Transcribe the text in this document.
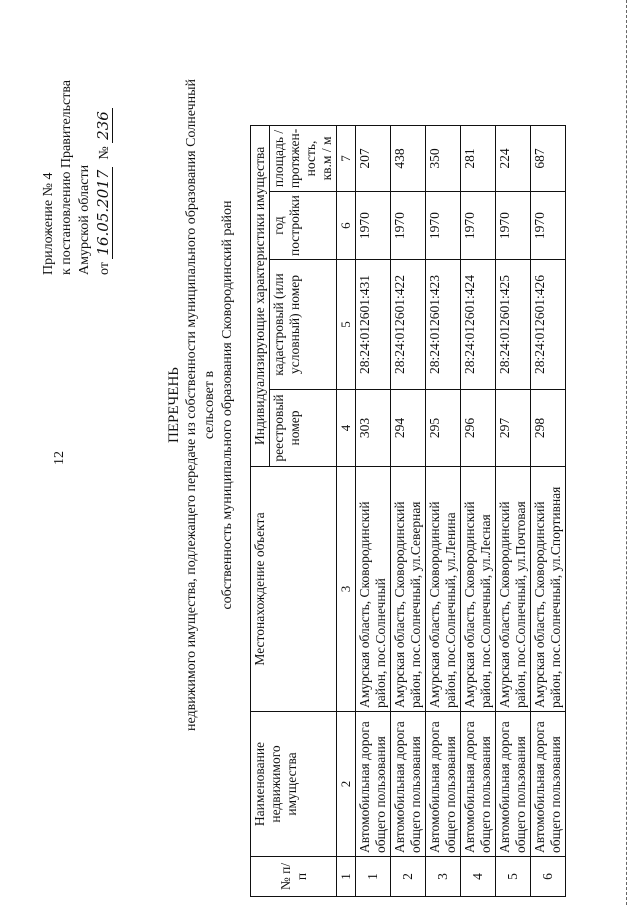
12
Приложение № 4 к постановлению Правительства Амурской области от 16.05.2017  № 236
ПЕРЕЧЕНЬ недвижимого имущества, подлежащего передаче из собственности муниципального образования Солнечный сельсовет в собственность муниципального образования Сковородинский район
№ п/п	Наименование недвижимого имущества	Местонахождение объекта	Индивидуализирующие характеристики имущества			
			реестровый номер	кадастровый (или условный) номер	год постройки	площадь / протяжен-ность, кв.м / м
1	2	3	4	5	6	7
1	Автомобильная дорога общего пользования	Амурская область, Сковородинский район, пос.Солнечный	303	28:24:012601:431	1970	207
2	Автомобильная дорога общего пользования	Амурская область, Сковородинский район, пос.Солнечный, ул.Северная	294	28:24:012601:422	1970	438
3	Автомобильная дорога общего пользования	Амурская область, Сковородинский район, пос.Солнечный, ул.Ленина	295	28:24:012601:423	1970	350
4	Автомобильная дорога общего пользования	Амурская область, Сковородинский район, пос.Солнечный, ул.Лесная	296	28:24:012601:424	1970	281
5	Автомобильная дорога общего пользования	Амурская область, Сковородинский район, пос.Солнечный, ул.Почтовая	297	28:24:012601:425	1970	224
6	Автомобильная дорога общего пользования	Амурская область, Сковородинский район, пос.Солнечный, ул.Спортивная	298	28:24:012601:426	1970	687
